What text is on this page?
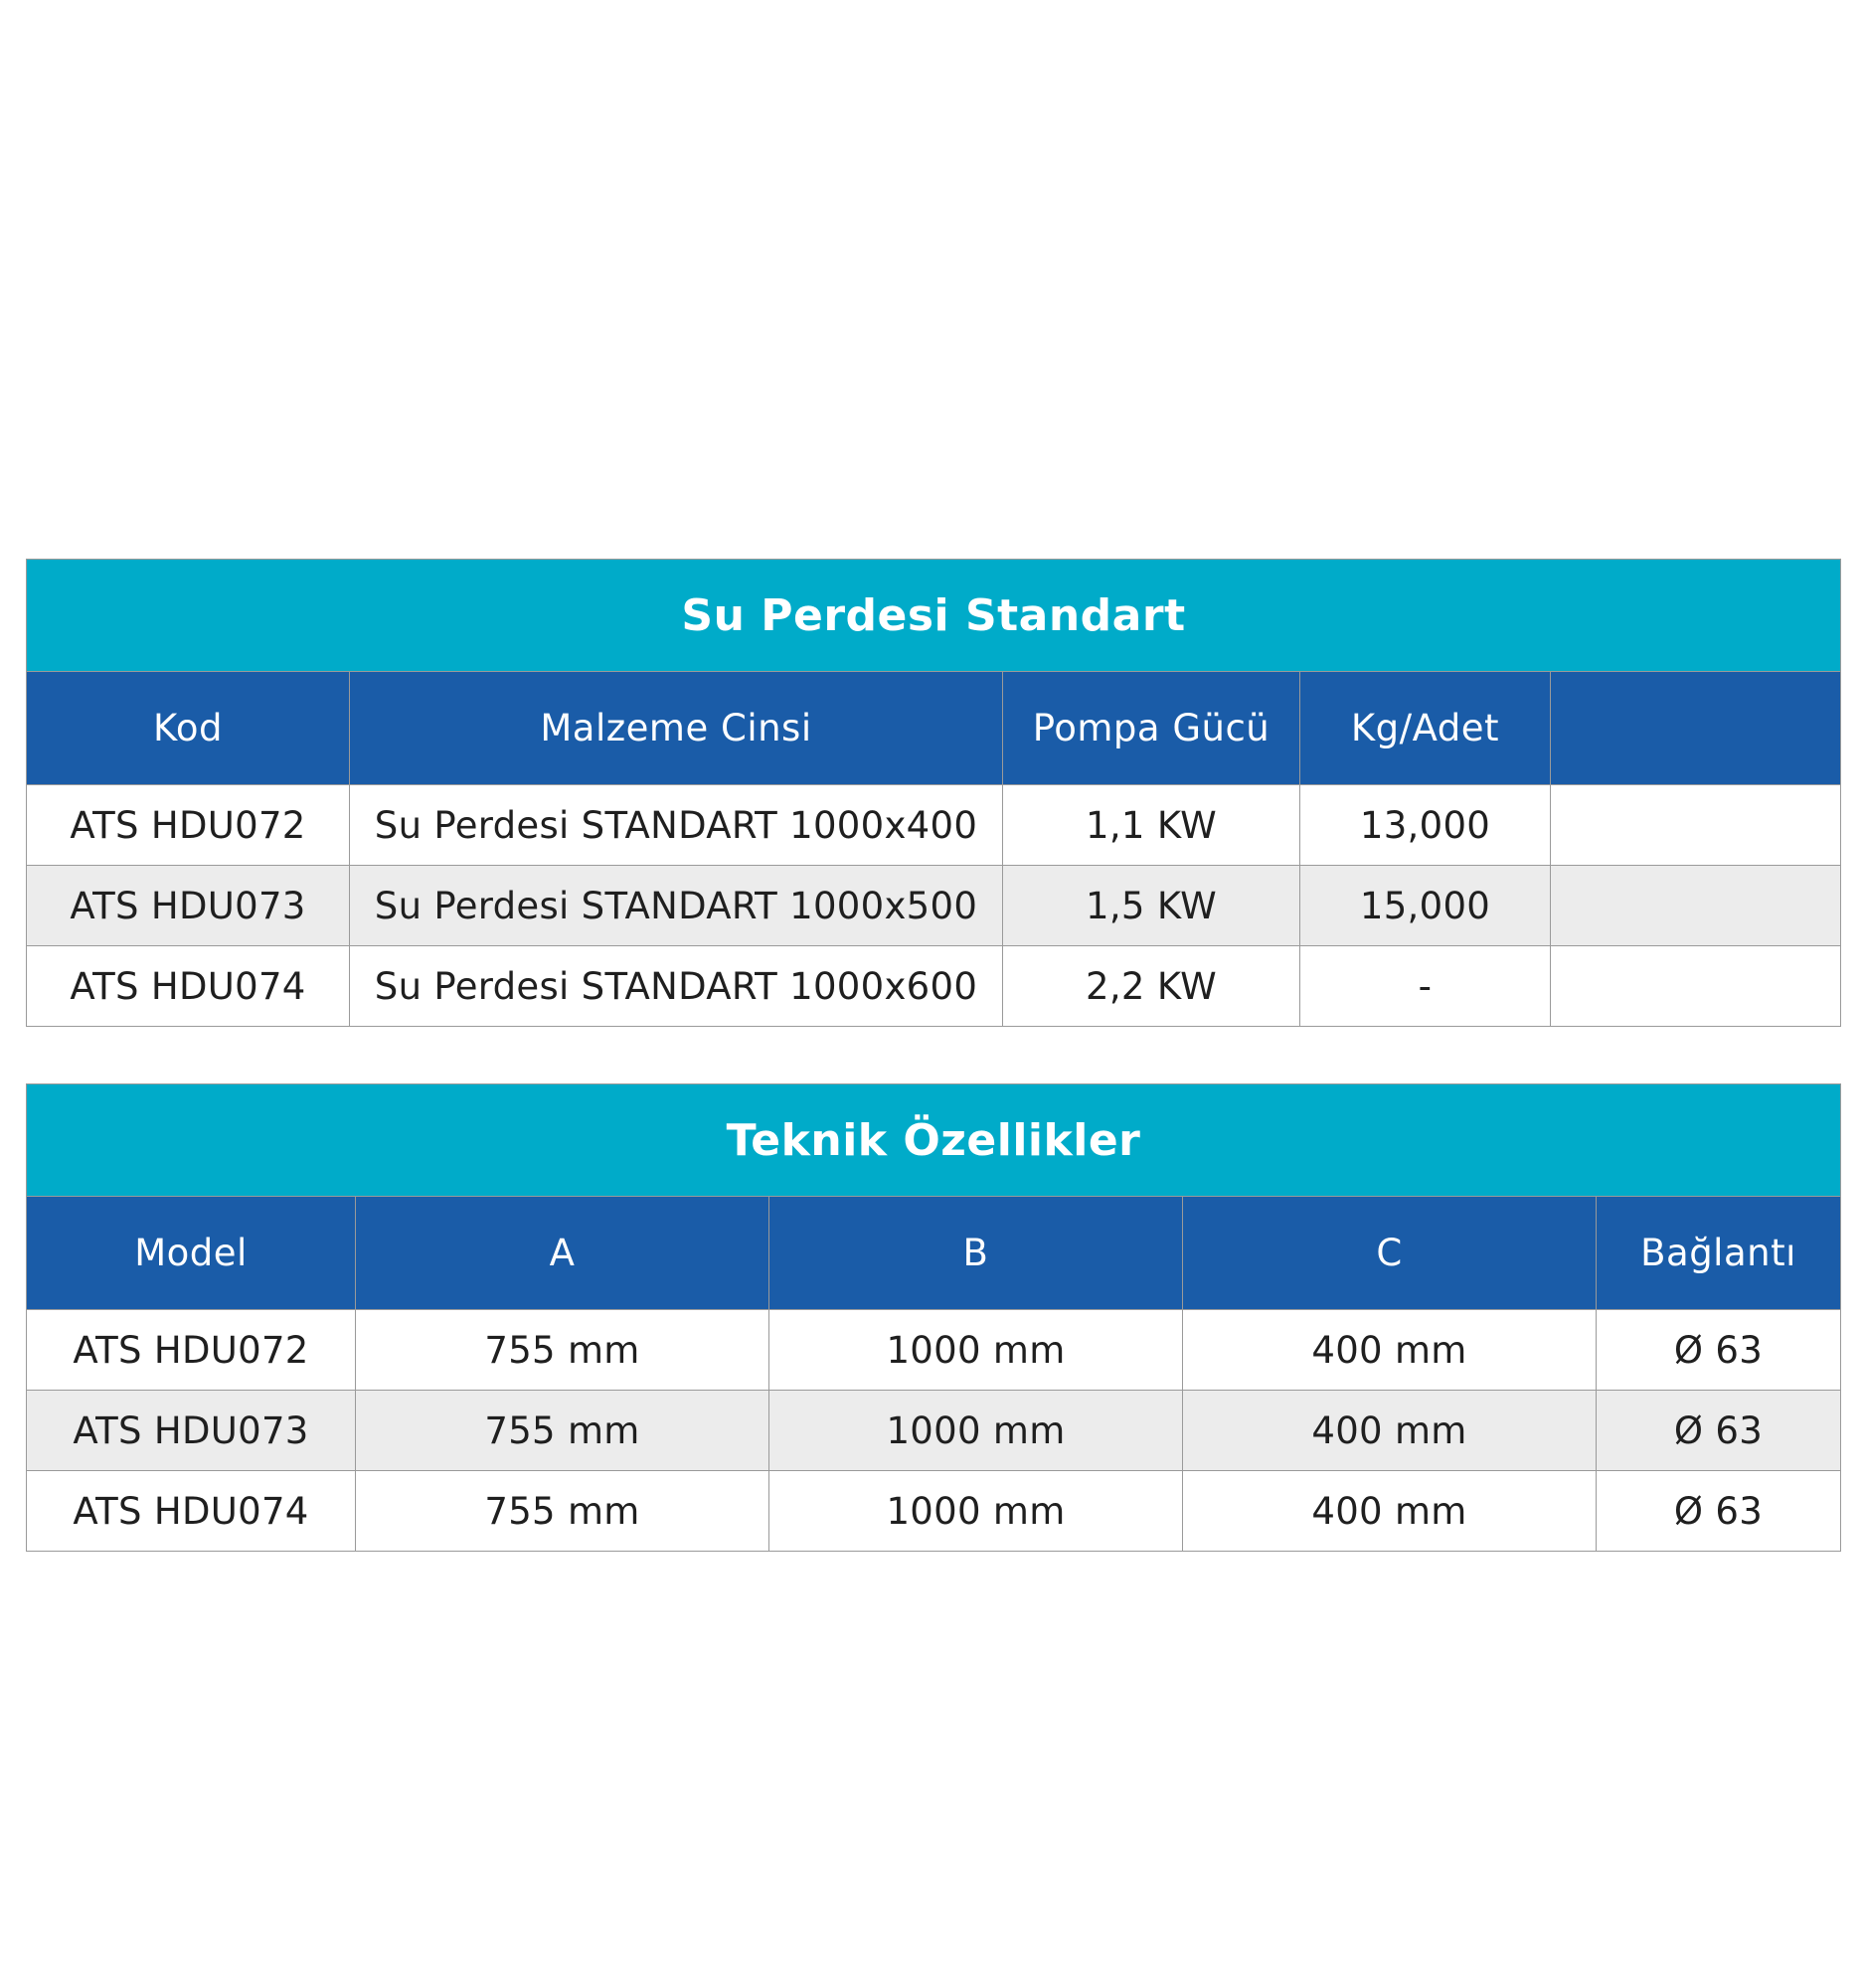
Su Perdesi Standart				
Kod	Malzeme Cinsi	Pompa Gücü	Kg/Adet	
ATS HDU072	Su Perdesi STANDART 1000x400	1,1 KW	13,000	
ATS HDU073	Su Perdesi STANDART 1000x500	1,5 KW	15,000	
ATS HDU074	Su Perdesi STANDART 1000x600	2,2 KW	-	
Teknik Özellikler				
Model	A	B	C	Bağlantı
ATS HDU072	755 mm	1000 mm	400 mm	Ø 63
ATS HDU073	755 mm	1000 mm	400 mm	Ø 63
ATS HDU074	755 mm	1000 mm	400 mm	Ø 63
